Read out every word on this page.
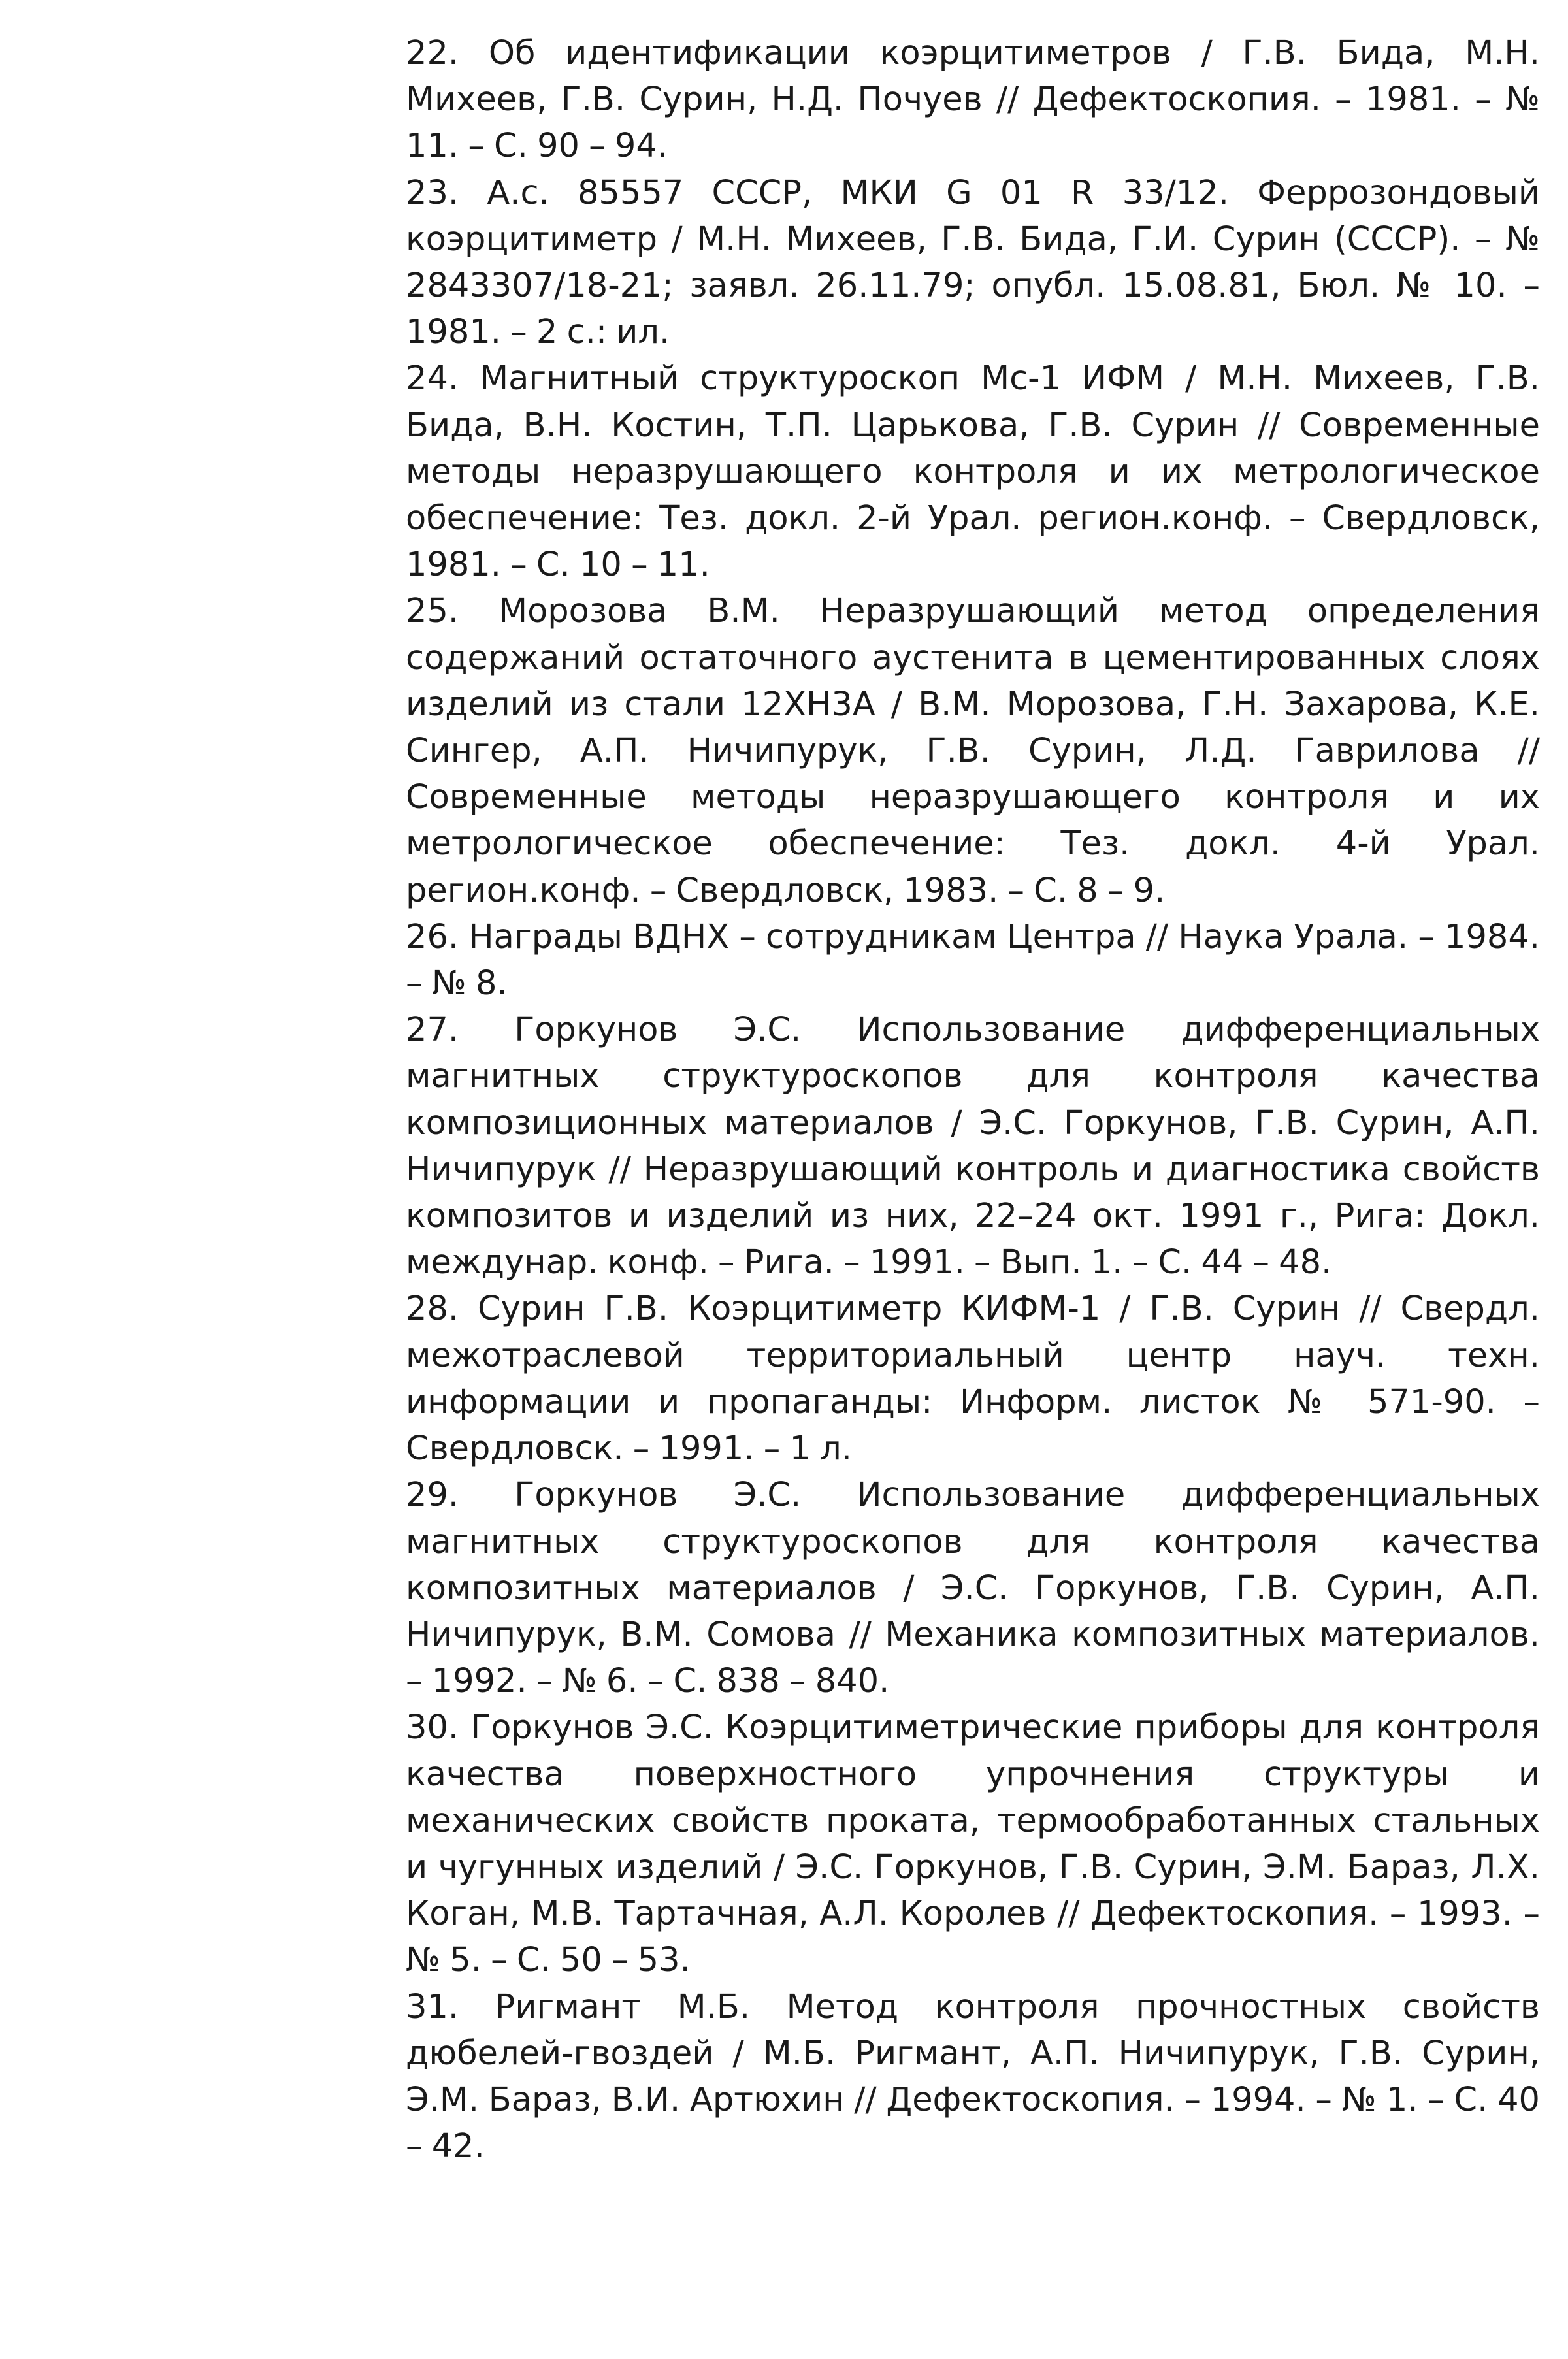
22. Об идентификации коэрцитиметров / Г.В. Бида, М.Н. Михеев, Г.В. Сурин, Н.Д. Почуев // Дефектоскопия. – 1981. – № 11. – С. 90 – 94.
23. А.с. 85557 СССР, МКИ G 01 R 33/12. Феррозондовый коэрцитиметр / М.Н. Михеев, Г.В. Бида, Г.И. Сурин (СССР). – № 2843307/18-21; заявл. 26.11.79; опубл. 15.08.81, Бюл. № 10. – 1981. – 2 с.: ил.
24. Магнитный структуроскоп Мс-1 ИФМ / М.Н. Михеев, Г.В. Бида, В.Н. Костин, Т.П. Царькова, Г.В. Сурин // Современные методы неразрушающего контроля и их метрологическое обеспечение: Тез. докл. 2-й Урал. регион.конф. – Свердловск, 1981. – С. 10 – 11.
25. Морозова В.М. Неразрушающий метод определения содержаний остаточного аустенита в цементированных слоях изделий из стали 12ХН3А / В.М. Морозова, Г.Н. Захарова, К.Е. Сингер, А.П. Ничипурук, Г.В. Сурин, Л.Д. Гаврилова // Современные методы неразрушающего контроля и их метрологическое обеспечение: Тез. докл. 4-й Урал. регион.конф. – Свердловск, 1983. – С. 8 – 9.
26. Награды ВДНХ – сотрудникам Центра // Наука Урала. – 1984. – № 8.
27. Горкунов Э.С. Использование дифференциальных магнитных структуроскопов для контроля качества композиционных материалов / Э.С. Горкунов, Г.В. Сурин, А.П. Ничипурук // Неразрушающий контроль и диагностика свойств композитов и изделий из них, 22–24 окт. 1991 г., Рига: Докл. междунар. конф. – Рига. – 1991. – Вып. 1. – С. 44 – 48.
28. Сурин Г.В. Коэрцитиметр КИФМ-1 / Г.В. Сурин // Свердл. межотраслевой территориальный центр науч. техн. информации и пропаганды: Информ. листок № 571-90. – Свердловск. – 1991. – 1 л.
29. Горкунов Э.С. Использование дифференциальных магнитных структуроскопов для контроля качества композитных материалов / Э.С. Горкунов, Г.В. Сурин, А.П. Ничипурук, В.М. Сомова // Механика композитных материалов. – 1992. – № 6. – С. 838 – 840.
30. Горкунов Э.С. Коэрцитиметрические приборы для контроля качества поверхностного упрочнения структуры и механических свойств проката, термообработанных стальных и чугунных изделий / Э.С. Горкунов, Г.В. Сурин, Э.М. Бараз, Л.Х. Коган, М.В. Тартачная, А.Л. Королев // Дефектоскопия. – 1993. – № 5. – С. 50 – 53.
31. Ригмант М.Б. Метод контроля прочностных свойств дюбелей-гвоздей / М.Б. Ригмант, А.П. Ничипурук, Г.В. Сурин, Э.М. Бараз, В.И. Артюхин // Дефектоскопия. – 1994. – № 1. – С. 40 – 42.
